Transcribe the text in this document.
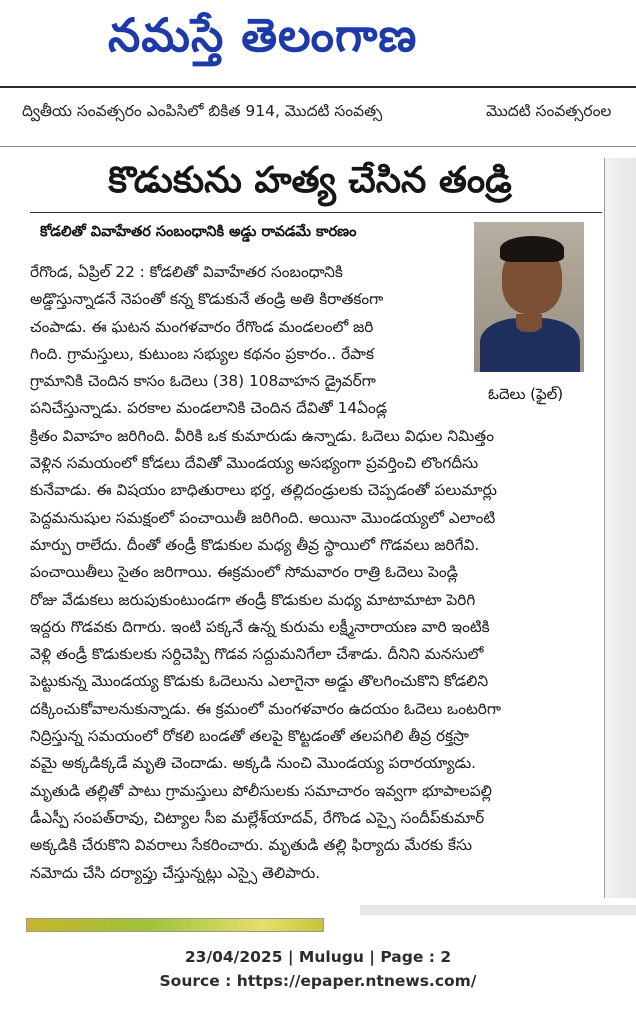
నమస్తే తెలంగాణ
ద్వితీయ సంవత్సరం ఎంపిసిలో బికిత 914, మొదటి సంవత్స	మొదటి సంవత్సరంల
కొడుకును హత్య చేసిన తండ్రి
కోడలితో వివాహేతర సంబంధానికి అడ్డు రావడమే కారణం
ఓదెలు (ఫైల్)
రేగొండ, ఏప్రిల్ 22 : కోడలితో వివాహేతర సంబంధానికి
అడ్డొస్తున్నాడనే నెపంతో కన్న కొడుకునే తండ్రి అతి కిరాతకంగా
చంపాడు. ఈ ఘటన మంగళవారం రేగొండ మండలంలో జరి
గింది. గ్రామస్తులు, కుటుంబ సభ్యుల కథనం ప్రకారం.. రేపాక
గ్రామానికి చెందిన కాసం ఓదెలు (38) 108వాహన డ్రైవర్‌గా
పనిచేస్తున్నాడు. పరకాల మండలానికి చెందిన దేవితో 14ఏండ్ల
క్రితం వివాహం జరిగింది. వీరికి ఒక కుమారుడు ఉన్నాడు. ఓదెలు విధుల నిమిత్తం
వెళ్లిన సమయంలో కోడలు దేవితో మొండయ్య అసభ్యంగా ప్రవర్తించి లొంగదీసు
కునేవాడు. ఈ విషయం బాధితురాలు భర్త, తల్లిదండ్రులకు చెప్పడంతో పలుమార్లు
పెద్దమనుషుల సమక్షంలో పంచాయితీ జరిగింది. అయినా మొండయ్యలో ఎలాంటి
మార్పు రాలేదు. దీంతో తండ్రీ కొడుకుల మధ్య తీవ్ర స్థాయిలో గొడవలు జరిగేవి.
పంచాయితీలు సైతం జరిగాయి. ఈక్రమంలో సోమవారం రాత్రి ఓదెలు పెండ్లి
రోజు వేడుకలు జరుపుకుంటుండగా తండ్రీ కొడుకుల మధ్య మాటామాటా పెరిగి
ఇద్దరు గొడవకు దిగారు. ఇంటి పక్కనే ఉన్న కురుమ లక్ష్మీనారాయణ వారి ఇంటికి
వెళ్లి తండ్రీ కొడుకులకు సర్దిచెప్పి గొడవ సద్దుమనిగేలా చేశాడు. దీనిని మనసులో
పెట్టుకున్న మొండయ్య కొడుకు ఓదెలును ఎలాగైనా అడ్డు తొలగించుకొని కోడలిని
దక్కించుకోవాలనుకున్నాడు. ఈ క్రమంలో మంగళవారం ఉదయం ఓదెలు ఒంటరిగా
నిద్రిస్తున్న సమయంలో రోకలి బండతో తలపై కొట్టడంతో తలపగిలి తీవ్ర రక్తస్రా
వమై అక్కడిక్కడే మృతి చెందాడు. అక్కడి నుంచి మొండయ్య పరారయ్యాడు.
మృతుడి తల్లితో పాటు గ్రామస్తులు పోలీసులకు సమాచారం ఇవ్వగా భూపాలపల్లి
డీఎస్పీ సంపత్‌రావు, చిట్యాల సీఐ మల్లేశ్‌యాదవ్, రేగొండ ఎస్సై సందీప్‌కుమార్
అక్కడికి చేరుకొని వివరాలు సేకరించారు. మృతుడి తల్లి ఫిర్యాదు మేరకు కేసు
నమోదు చేసి దర్యాప్తు చేస్తున్నట్లు ఎస్సై తెలిపారు.
23/04/2025 | Mulugu | Page : 2
Source : https://epaper.ntnews.com/
